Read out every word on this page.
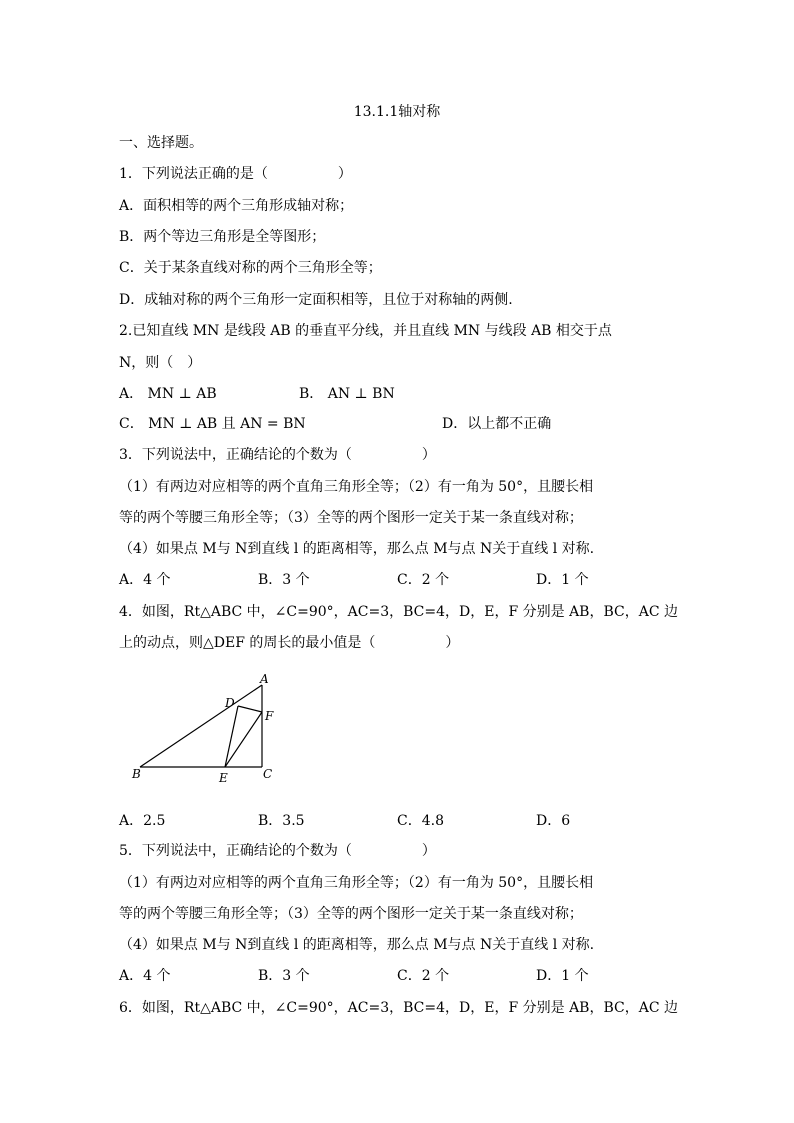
13.1.1轴对称
一、选择题。
1．下列说法正确的是（　　　　　）
A．面积相等的两个三角形成轴对称；
B．两个等边三角形是全等图形；
C．关于某条直线对称的两个三角形全等；
D．成轴对称的两个三角形一定面积相等，且位于对称轴的两侧.
2.已知直线 MN 是线段 AB 的垂直平分线，并且直线 MN 与线段 AB 相交于点
N，则（　）
A． MN ⊥ AB	B． AN ⊥ BN
C． MN ⊥ AB 且 AN = BN	D．以上都不正确
3．下列说法中，正确结论的个数为（　　　　　）
（1）有两边对应相等的两个直角三角形全等；（2）有一角为 50°，且腰长相
等的两个等腰三角形全等；（3）全等的两个图形一定关于某一条直线对称；
（4）如果点 M与 N到直线 l 的距离相等，那么点 M与点 N关于直线 l 对称.
A．4 个	B．3 个	C．2 个	D．1 个
4．如图，Rt△ABC 中，∠C=90°，AC=3，BC=4，D，E，F 分别是 AB，BC，AC 边
上的动点，则△DEF 的周长的最小值是（　　　　　）
A
B	C
D
E
F
A．2.5	B．3.5	C．4.8	D．6
5．下列说法中，正确结论的个数为（　　　　　）
（1）有两边对应相等的两个直角三角形全等；（2）有一角为 50°，且腰长相
等的两个等腰三角形全等；（3）全等的两个图形一定关于某一条直线对称；
（4）如果点 M与 N到直线 l 的距离相等，那么点 M与点 N关于直线 l 对称.
A．4 个	B．3 个	C．2 个	D．1 个
6．如图，Rt△ABC 中，∠C=90°，AC=3，BC=4，D，E，F 分别是 AB，BC，AC 边
